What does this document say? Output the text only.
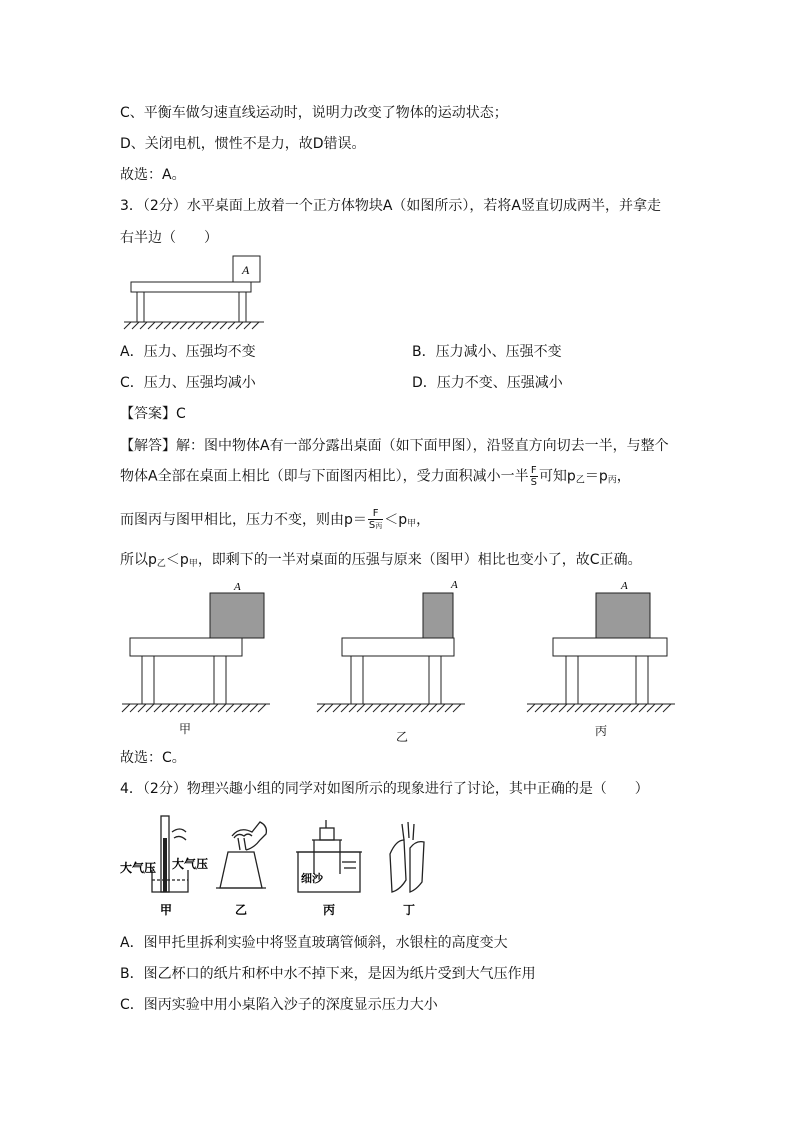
C、平衡车做匀速直线运动时，说明力改变了物体的运动状态；
D、关闭电机，惯性不是力，故D错误。
故选：A。
3．（2分）水平桌面上放着一个正方体物块A（如图所示），若将A竖直切成两半，并拿走
右半边（　　）
A
A．压力、压强均不变	B．压力减小、压强不变
C．压力、压强均减小	D．压力不变、压强减小
【答案】C
【解答】解：图中物体A有一部分露出桌面（如下面甲图），沿竖直方向切去一半，与整个
物体A全部在桌面上相比（即与下面图丙相比），受力面积减小一半 $\frac{F}{S}$ 可知$p_乙=p_丙$，
而图丙与图甲相比，压力不变，则由$p= \frac{F}{\text{S丙}} <p_甲$，
所以$p_乙<p_甲$，即剩下的一半对桌面的压强与原来（图甲）相比也变小了，故C正确。
A
甲
A
乙
A
丙
故选：C。
4．（2分）物理兴趣小组的同学对如图所示的现象进行了讨论，其中正确的是（　　）
大气压 大气压
甲	乙
细沙
丙	丁
A．图甲托里拆利实验中将竖直玻璃管倾斜，水银柱的高度变大
B．图乙杯口的纸片和杯中水不掉下来，是因为纸片受到大气压作用
C．图丙实验中用小桌陷入沙子的深度显示压力大小
